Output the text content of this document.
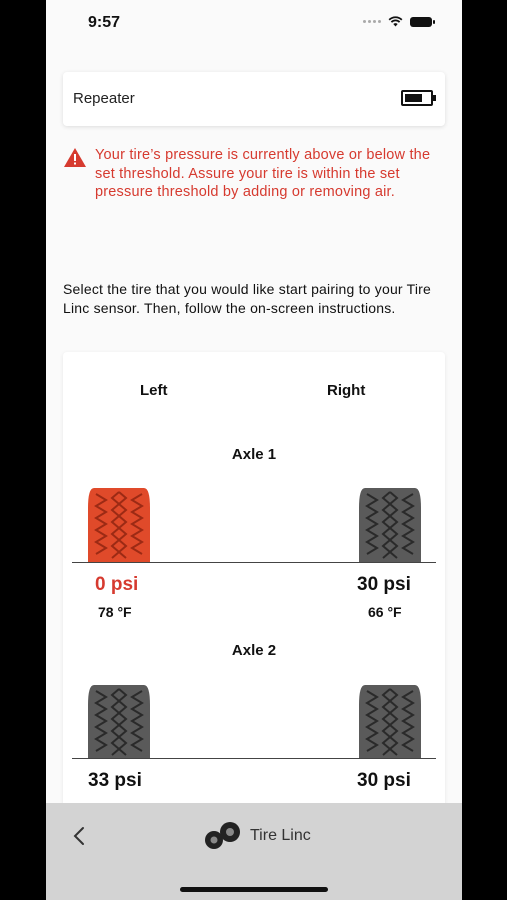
9:57
Repeater
Your tire’s pressure is currently above or below the set threshold. Assure your tire is within the set pressure threshold by adding or removing air.
Select the tire that you would like start pairing to your Tire Linc sensor. Then, follow the on-screen instructions.
Left	Right
Axle 1
0 psi	30 psi
78 °F	66 °F
Axle 2
33 psi	30 psi
Tire Linc
